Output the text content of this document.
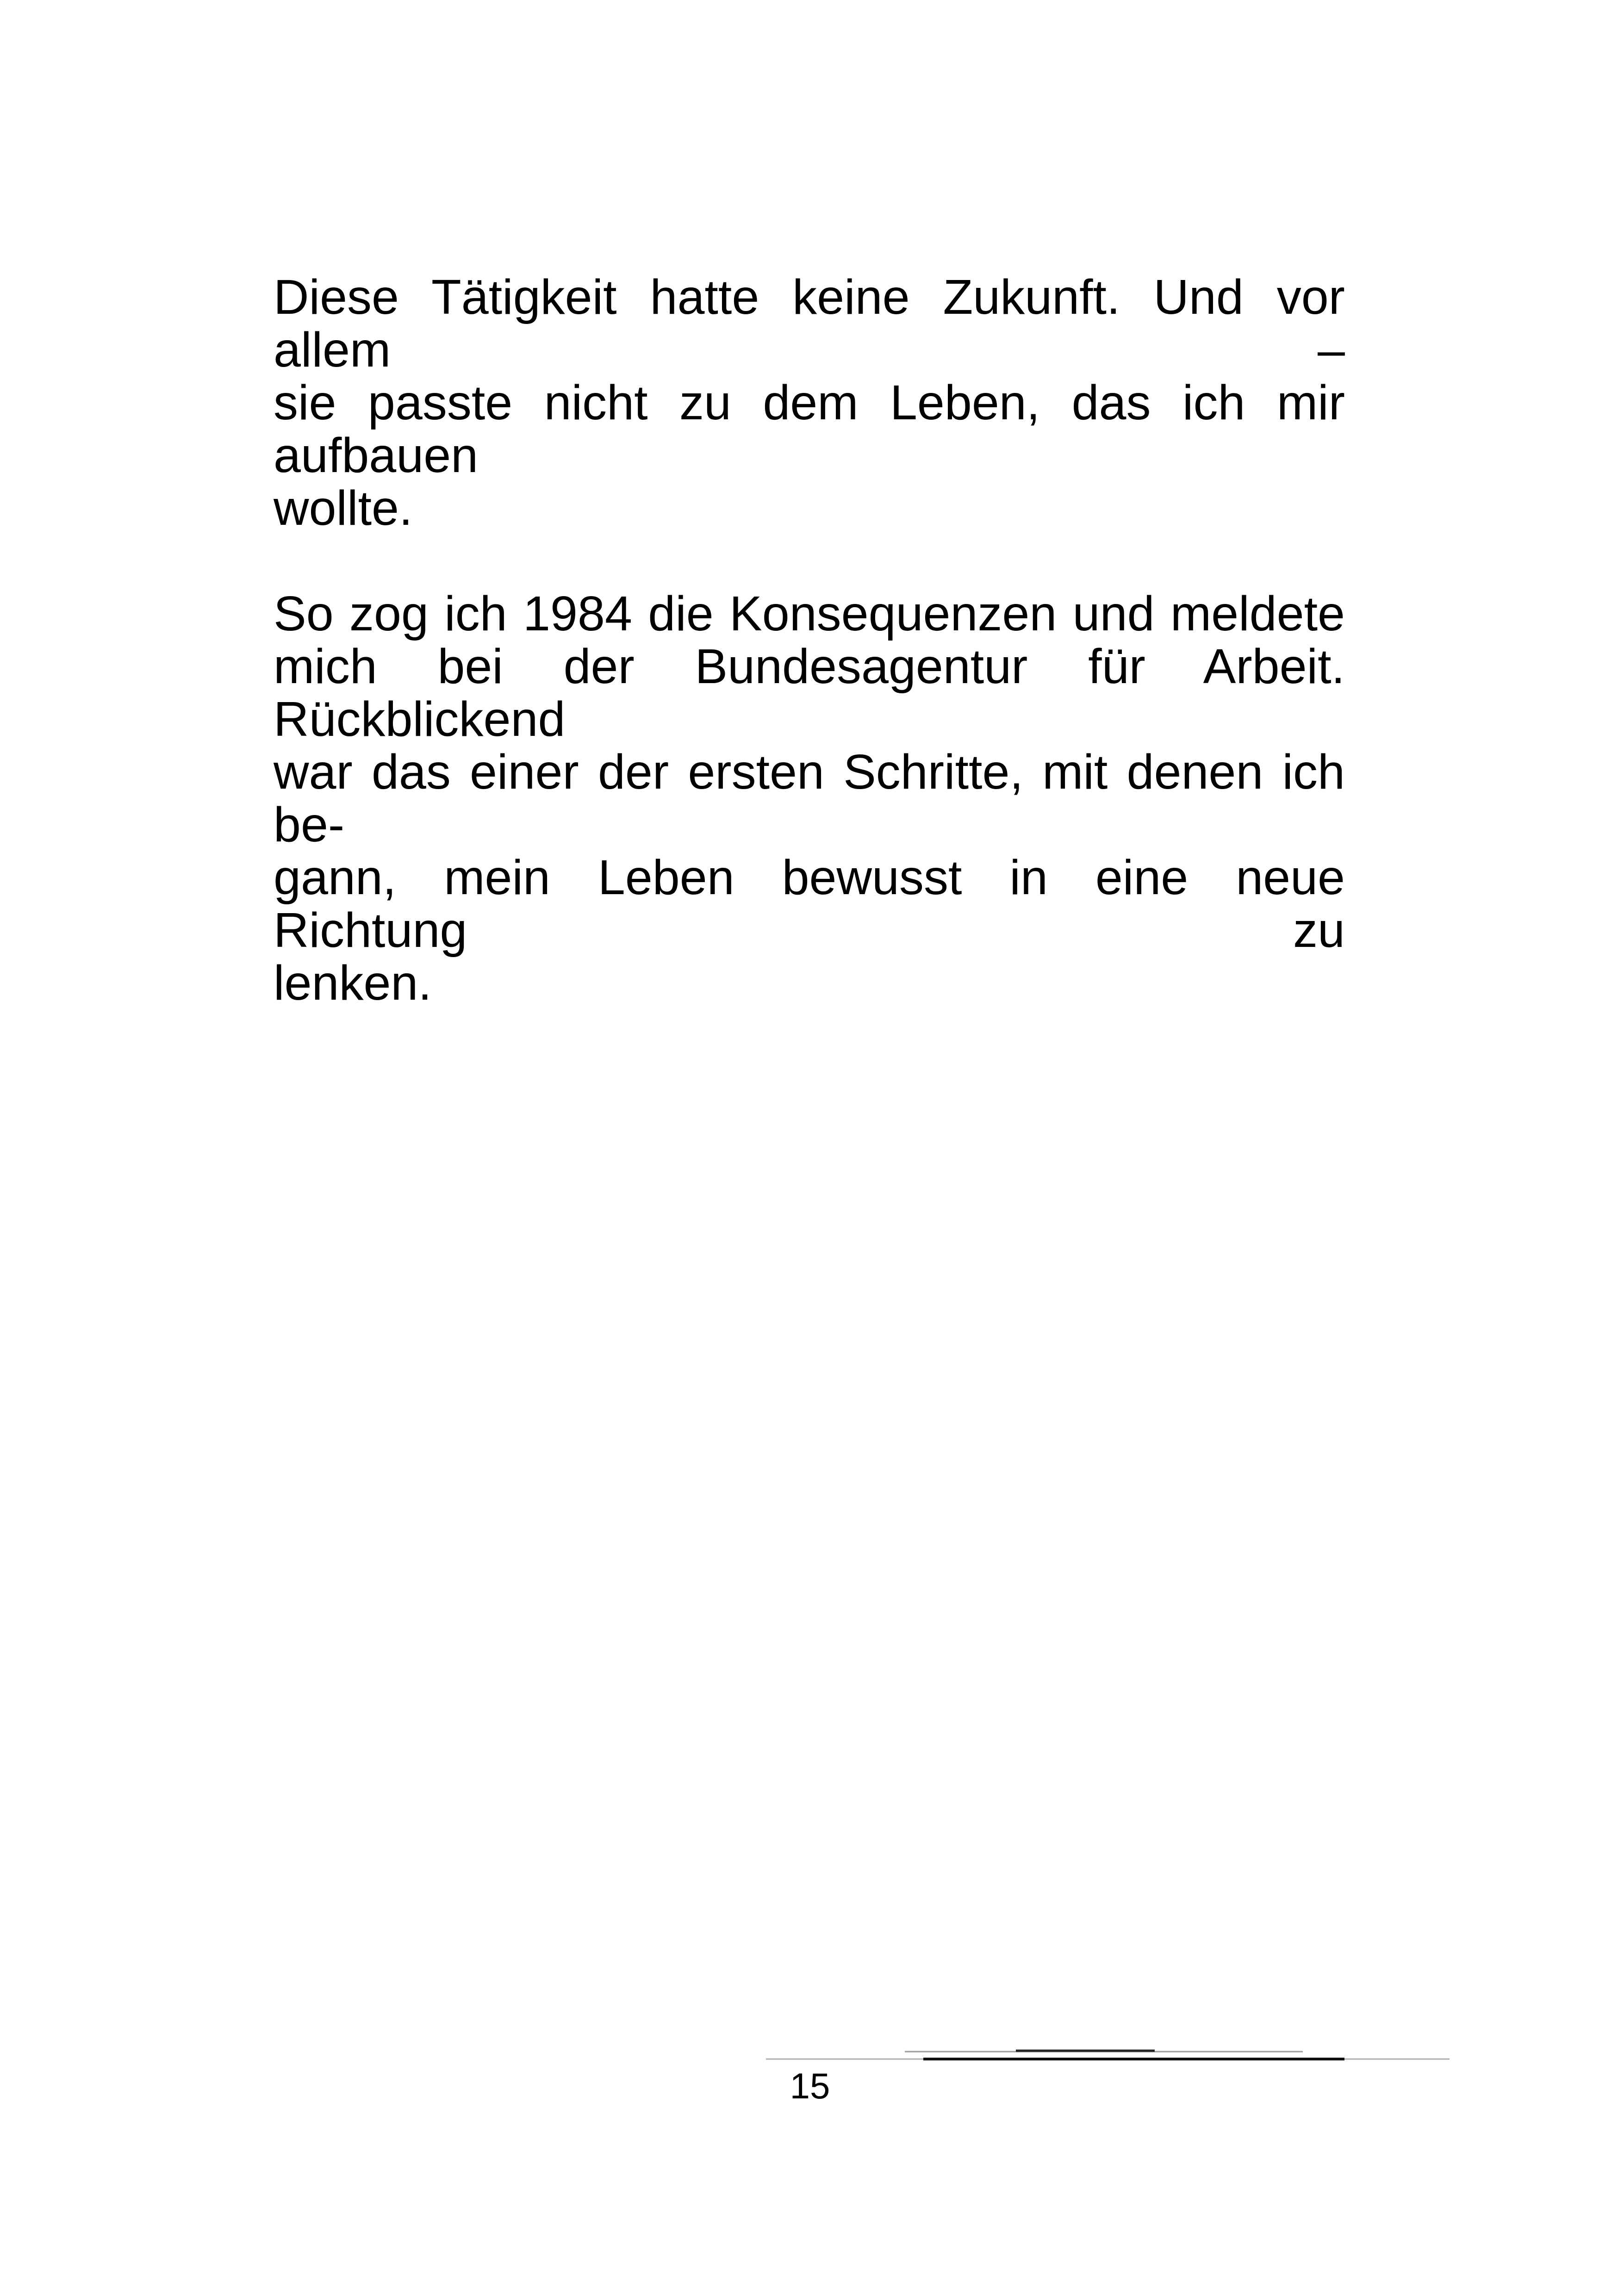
Diese Tätigkeit hatte keine Zukunft. Und vor allem –
sie passte nicht zu dem Leben, das ich mir aufbauen
wollte.

So zog ich 1984 die Konsequenzen und meldete
mich bei der Bundesagentur für Arbeit. Rückblickend
war das einer der ersten Schritte, mit denen ich be-
gann, mein Leben bewusst in eine neue Richtung zu
lenken.

15
